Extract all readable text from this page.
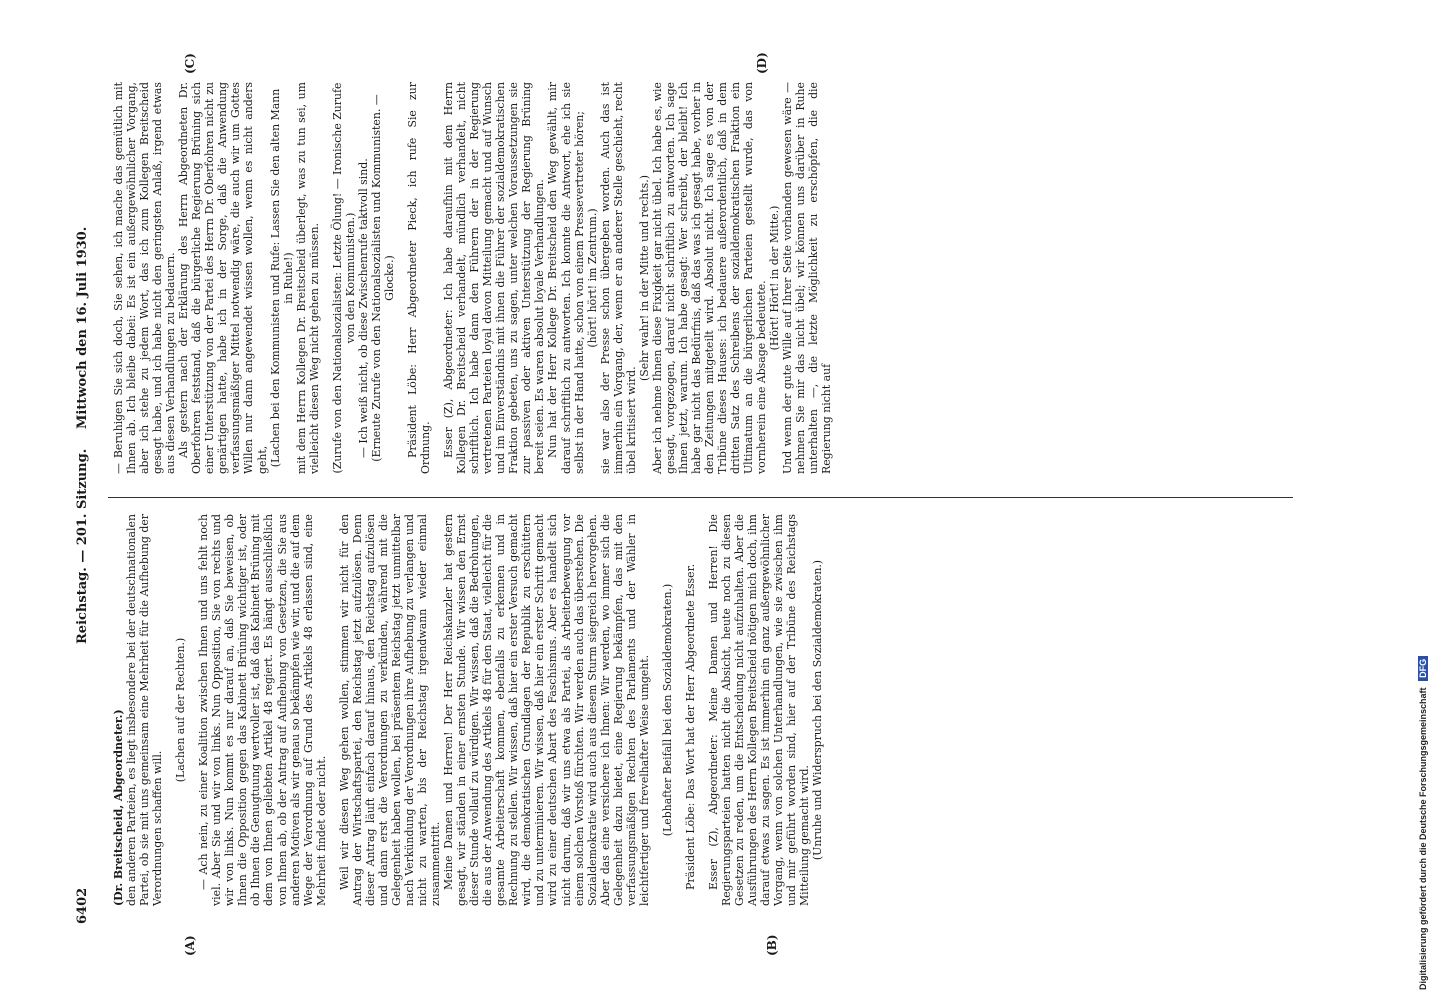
6402
Reichstag. — 201. Sitzung.
Mittwoch den 16. Juli 1930.
(A)	(B)
(C)	(D)

(Dr. Breitscheid, Abgeordneter.) den anderen Parteien, es liegt insbesondere bei der deutschnationalen Partei, ob sie mit uns gemeinsam eine Mehrheit für die Aufhebung der Verordnungen schaffen will.

(Lachen auf der Rechten.) — Ach nein, zu einer Koalition zwischen Ihnen und uns fehlt noch viel. Aber Sie und wir von links. Nun Opposition, Sie von rechts und wir von links. Nun kommt es nur darauf an, daß Sie beweisen, ob Ihnen die Opposition gegen das Kabinett Brüning wichtiger ist, oder ob Ihnen die Genugtuung wertvoller ist, daß das Kabinett Brüning mit dem von Ihnen geliebten Artikel 48 regiert. Es hängt ausschließlich von Ihnen ab, ob der Antrag auf Aufhebung von Gesetzen, die Sie aus anderen Motiven als wir genau so bekämpfen wie wir, und die auf dem Wege der Verordnung auf Grund des Artikels 48 erlassen sind, eine Mehrheit findet oder nicht. Weil wir diesen Weg gehen wollen, stimmen wir nicht für den Antrag der Wirtschaftspartei, den Reichstag jetzt aufzulösen. Denn dieser Antrag läuft einfach darauf hinaus, den Reichstag aufzulösen und dann erst die Verordnungen zu verkünden, während mit die Gelegenheit haben wollen, bei präsentem Reichstag jetzt unmittelbar nach Verkündung der Verordnungen ihre Aufhebung zu verlangen und nicht zu warten, bis der Reichstag irgendwann wieder einmal zusammentritt. Meine Damen und Herren! Der Herr Reichskanzler hat gestern gesagt, wir ständen in einer ernsten Stunde. Wir wissen den Ernst dieser Stunde vollauf zu würdigen. Wir wissen, daß die Bedrohungen, die aus der Anwendung des Artikels 48 für den Staat, vielleicht für die gesamte Arbeiterschaft kommen, ebenfalls zu erkennen und in Rechnung zu stellen. Wir wissen, daß hier ein erster Versuch gemacht wird, die demokratischen Grundlagen der Republik zu erschüttern und zu unterminieren. Wir wissen, daß hier ein erster Schritt gemacht wird zu einer deutschen Abart des Faschismus. Aber es handelt sich nicht darum, daß wir uns etwa als Partei, als Arbeiterbewegung vor einem solchen Vorstoß fürchten. Wir werden auch das überstehen. Die Sozialdemokratie wird auch aus diesem Sturm siegreich hervorgehen. Aber das eine versichere ich Ihnen: Wir werden, wo immer sich die Gelegenheit dazu bietet, eine Regierung bekämpfen, das mit den verfassungsmäßigen Rechten des Parlaments und der Wähler in leichtfertiger und frevelhafter Weise umgeht. (Lebhafter Beifall bei den Sozialdemokraten.) Präsident Löbe: Das Wort hat der Herr Abgeordnete Esser. Esser (Z), Abgeordneter: Meine Damen und Herren! Die Regierungsparteien hatten nicht die Absicht, heute noch zu diesen Gesetzen zu reden, um die Entscheidung nicht aufzuhalten. Aber die Ausführungen des Herrn Kollegen Breitscheid nötigen mich doch, ihm darauf etwas zu sagen. Es ist immerhin ein ganz außergewöhnlicher Vorgang, wenn von solchen Unterhandlungen, wie sie zwischen ihm und mir geführt worden sind, hier auf der Tribüne des Reichstags Mitteilung gemacht wird. (Unruhe und Widerspruch bei den Sozialdemokraten.)

— Beruhigen Sie sich doch, Sie sehen, ich mache das gemütlich mit Ihnen ab. Ich bleibe dabei: Es ist ein außergewöhnlicher Vorgang, aber ich stehe zu jedem Wort, das ich zum Kollegen Breitscheid gesagt habe, und ich habe nicht den geringsten Anlaß, irgend etwas aus diesen Verhandlungen zu bedauern. Als gestern nach der Erklärung des Herrn Abgeordneten Dr. Oberfohren feststand, daß die bürgerliche Regierung Brüning sich einer Unterstützung von der Partei des Herrn Dr. Oberfohren nicht zu genärtigen hatte, habe ich in der Sorge, daß die Anwendung verfassungsmäßiger Mittel notwendig wäre, die auch wir um Gottes Willen nur dann angewendet wissen wollen, wenn es nicht anders geht, (Lachen bei den Kommunisten und Rufe: Lassen Sie den alten Mann in Ruhe!) mit dem Herrn Kollegen Dr. Breitscheid überlegt, was zu tun sei, um vielleicht diesen Weg nicht gehen zu müssen. (Zurufe von den Nationalsozialisten: Letzte Ölung! — Ironische Zurufe von den Kommunisten.) — Ich weiß nicht, ob diese Zwischenrufe taktvoll sind. (Erneute Zurufe von den Nationalsozialisten und Kommunisten. — Glocke.) Präsident Löbe: Herr Abgeordneter Pieck, ich rufe Sie zur Ordnung. Esser (Z), Abgeordneter: Ich habe daraufhin mit dem Herrn Kollegen Dr. Breitscheid verhandelt, mündlich verhandelt, nicht schriftlich. Ich habe dann den Führern der in der Regierung vertretenen Parteien loyal davon Mitteilung gemacht und auf Wunsch und im Einverständnis mit ihnen die Führer der sozialdemokratischen Fraktion gebeten, uns zu sagen, unter welchen Voraussetzungen sie zur passiven oder aktiven Unterstützung der Regierung Brüning bereit seien. Es waren absolut loyale Verhandlungen. Nun hat der Herr Kollege Dr. Breitscheid den Weg gewählt, mir darauf schriftlich zu antworten. Ich konnte die Antwort, ehe ich sie selbst in der Hand hatte, schon von einem Pressevertreter hören; (hört! hört! im Zentrum.) sie war also der Presse schon übergeben worden. Auch das ist immerhin ein Vorgang, der, wenn er an anderer Stelle geschieht, recht übel kritisiert wird.

(Sehr wahr! in der Mitte und rechts.) Aber ich nehme Ihnen diese Fixigkeit gar nicht übel. Ich habe es, wie gesagt, vorgezogen, darauf nicht schriftlich zu antworten. Ich sage Ihnen jetzt, warum. Ich habe gesagt: Wer schreibt, der bleibt! Ich habe gar nicht das Bedürfnis, daß das was ich gesagt habe, vorher in den Zeitungen mitgeteilt wird. Absolut nicht. Ich sage es von der Tribüne dieses Hauses: ich bedauere außerordentlich, daß in dem dritten Satz des Schreibens der sozialdemokratischen Fraktion ein Ultimatum an die bürgerlichen Parteien gestellt wurde, das von vornherein eine Absage bedeutete.

(Hört! Hört! in der Mitte.) Und wenn der gute Wille auf Ihrer Seite vorhanden gewesen wäre — nehmen Sie mir das nicht übel; wir können uns darüber in Ruhe unterhalten —, die letzte Möglichkeit zu erschöpfen, die die Regierung nicht auf

Digitalisierung gefördert durch die Deutsche Forschungsgemeinschaft DFG
